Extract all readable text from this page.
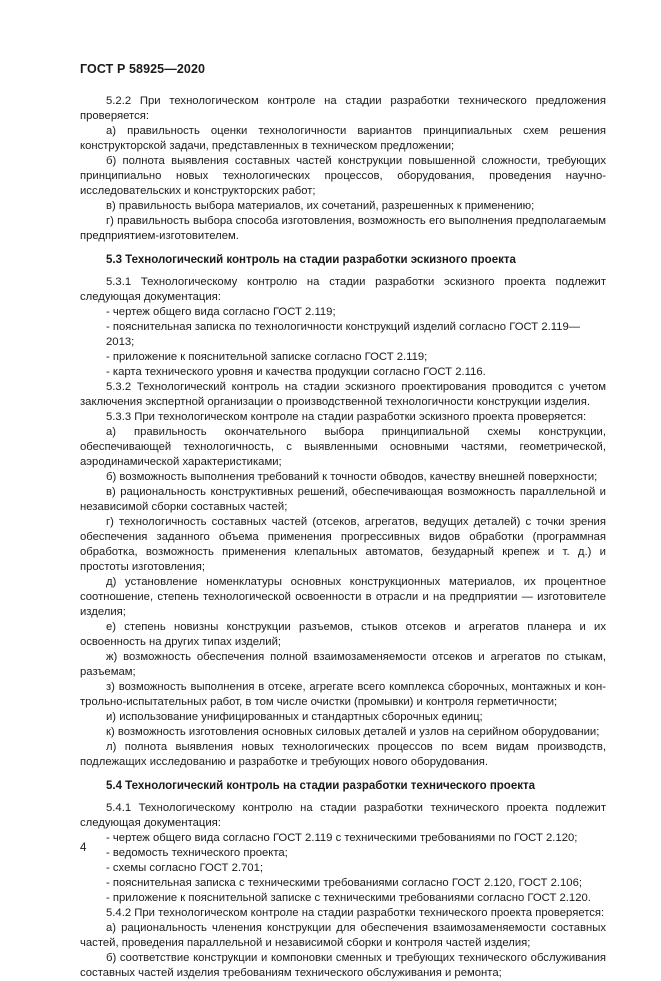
ГОСТ Р 58925—2020
5.2.2 При технологическом контроле на стадии разработки технического предложения проверяется:
а) правильность оценки технологичности вариантов принципиальных схем решения конструкторской задачи, представленных в техническом предложении;
б) полнота выявления составных частей конструкции повышенной сложности, требующих принципиально новых технологических процессов, оборудования, проведения научно-исследовательских и конструкторских работ;
в) правильность выбора материалов, их сочетаний, разрешенных к применению;
г) правильность выбора способа изготовления, возможность его выполнения предполагаемым предприятием-изготовителем.
5.3 Технологический контроль на стадии разработки эскизного проекта
5.3.1 Технологическому контролю на стадии разработки эскизного проекта подлежит следующая документация:
- чертеж общего вида согласно ГОСТ 2.119;
- пояснительная записка по технологичности конструкций изделий согласно ГОСТ 2.119—2013;
- приложение к пояснительной записке согласно ГОСТ 2.119;
- карта технического уровня и качества продукции согласно ГОСТ 2.116.
5.3.2 Технологический контроль на стадии эскизного проектирования проводится с учетом заключения экспертной организации о производственной технологичности конструкции изделия.
5.3.3 При технологическом контроле на стадии разработки эскизного проекта проверяется:
а) правильность окончательного выбора принципиальной схемы конструкции, обеспечивающей технологичность, с выявленными основными частями, геометрической, аэродинамической характеристиками;
б) возможность выполнения требований к точности обводов, качеству внешней поверхности;
в) рациональность конструктивных решений, обеспечивающая возможность параллельной и независимой сборки составных частей;
г) технологичность составных частей (отсеков, агрегатов, ведущих деталей) с точки зрения обеспечения заданного объема применения прогрессивных видов обработки (программная обработка, возможность применения клепальных автоматов, безударный крепеж и т. д.) и простоты изготовления;
д) установление номенклатуры основных конструкционных материалов, их процентное соотношение, степень технологической освоенности в отрасли и на предприятии — изготовителе изделия;
е) степень новизны конструкции разъемов, стыков отсеков и агрегатов планера и их освоенность на других типах изделий;
ж) возможность обеспечения полной взаимозаменяемости отсеков и агрегатов по стыкам, разъемам;
з) возможность выполнения в отсеке, агрегате всего комплекса сборочных, монтажных и контрольно-испытательных работ, в том числе очистки (промывки) и контроля герметичности;
и) использование унифицированных и стандартных сборочных единиц;
к) возможность изготовления основных силовых деталей и узлов на серийном оборудовании;
л) полнота выявления новых технологических процессов по всем видам производств, подлежащих исследованию и разработке и требующих нового оборудования.
5.4 Технологический контроль на стадии разработки технического проекта
5.4.1 Технологическому контролю на стадии разработки технического проекта подлежит следующая документация:
- чертеж общего вида согласно ГОСТ 2.119 с техническими требованиями по ГОСТ 2.120;
- ведомость технического проекта;
- схемы согласно ГОСТ 2.701;
- пояснительная записка с техническими требованиями согласно ГОСТ 2.120, ГОСТ 2.106;
- приложение к пояснительной записке с техническими требованиями согласно ГОСТ 2.120.
5.4.2 При технологическом контроле на стадии разработки технического проекта проверяется:
а) рациональность членения конструкции для обеспечения взаимозаменяемости составных частей, проведения параллельной и независимой сборки и контроля частей изделия;
б) соответствие конструкции и компоновки сменных и требующих технического обслуживания составных частей изделия требованиям технического обслуживания и ремонта;
4
